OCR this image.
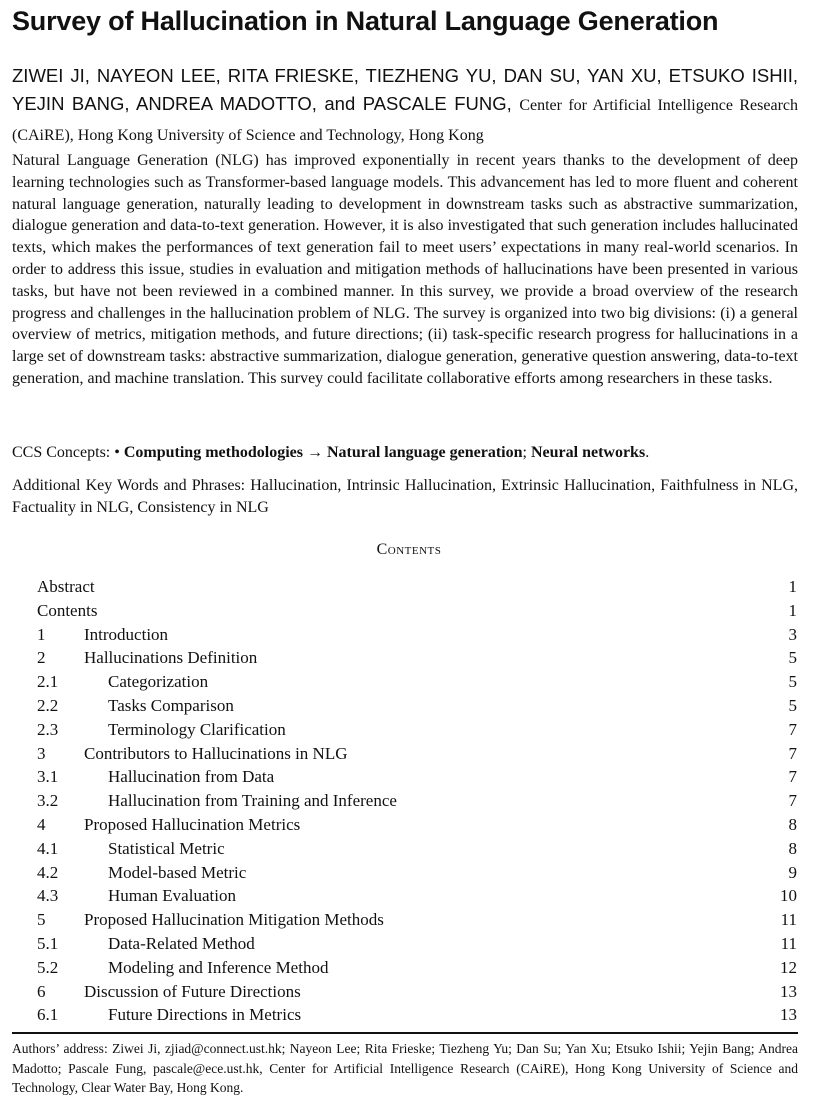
Survey of Hallucination in Natural Language Generation
ZIWEI JI, NAYEON LEE, RITA FRIESKE, TIEZHENG YU, DAN SU, YAN XU, ETSUKO ISHII, YEJIN BANG, ANDREA MADOTTO, and PASCALE FUNG, Center for Artificial Intelligence Research (CAiRE), Hong Kong University of Science and Technology, Hong Kong
Natural Language Generation (NLG) has improved exponentially in recent years thanks to the development of deep learning technologies such as Transformer-based language models. This advancement has led to more fluent and coherent natural language generation, naturally leading to development in downstream tasks such as abstractive summarization, dialogue generation and data-to-text generation. However, it is also investigated that such generation includes hallucinated texts, which makes the performances of text generation fail to meet users’ expectations in many real-world scenarios. In order to address this issue, studies in evaluation and mitigation methods of hallucinations have been presented in various tasks, but have not been reviewed in a combined manner. In this survey, we provide a broad overview of the research progress and challenges in the hallucination problem of NLG. The survey is organized into two big divisions: (i) a general overview of metrics, mitigation methods, and future directions; (ii) task-specific research progress for hallucinations in a large set of downstream tasks: abstractive summarization, dialogue generation, generative question answering, data-to-text generation, and machine translation. This survey could facilitate collaborative efforts among researchers in these tasks.
CCS Concepts: • Computing methodologies → Natural language generation; Neural networks.
Additional Key Words and Phrases: Hallucination, Intrinsic Hallucination, Extrinsic Hallucination, Faithfulness in NLG, Factuality in NLG, Consistency in NLG
Contents
Abstract	1
Contents	1
1 Introduction	3
2 Hallucinations Definition	5
2.1	Categorization	5
2.2	Tasks Comparison	5
2.3	Terminology Clarification	7
3 Contributors to Hallucinations in NLG	7
3.1	Hallucination from Data	7
3.2	Hallucination from Training and Inference	7
4 Proposed Hallucination Metrics	8
4.1	Statistical Metric	8
4.2	Model-based Metric	9
4.3	Human Evaluation	10
5 Proposed Hallucination Mitigation Methods	11
5.1	Data-Related Method	11
5.2	Modeling and Inference Method	12
6 Discussion of Future Directions	13
6.1	Future Directions in Metrics	13
Authors’ address: Ziwei Ji, zjiad@connect.ust.hk; Nayeon Lee; Rita Frieske; Tiezheng Yu; Dan Su; Yan Xu; Etsuko Ishii; Yejin Bang; Andrea Madotto; Pascale Fung, pascale@ece.ust.hk, Center for Artificial Intelligence Research (CAiRE), Hong Kong University of Science and Technology, Clear Water Bay, Hong Kong.
